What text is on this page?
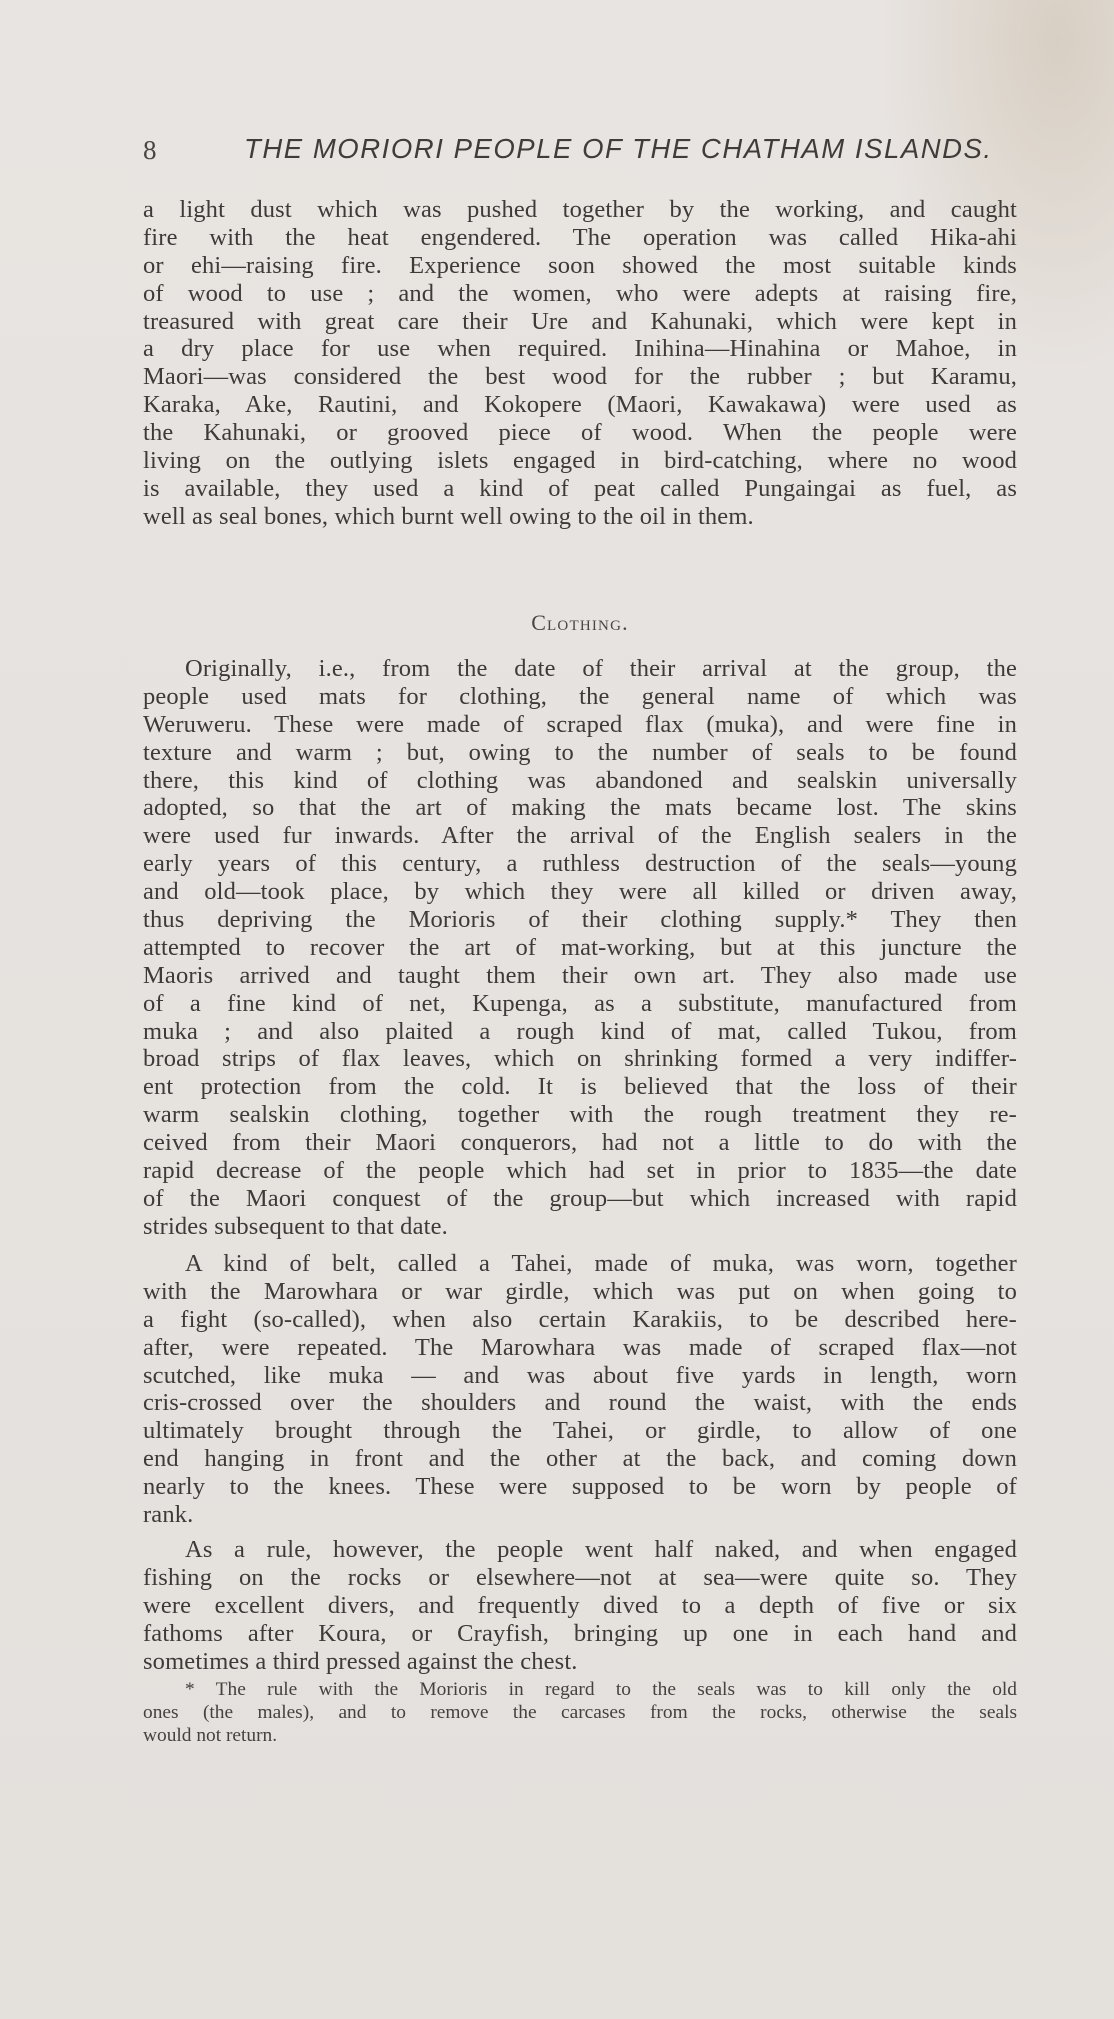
8	THE MORIORI PEOPLE OF THE CHATHAM ISLANDS.

a light dust which was pushed together by the working, and caught
fire with the heat engendered. The operation was called Hika-ahi
or ehi—raising fire. Experience soon showed the most suitable kinds
of wood to use ; and the women, who were adepts at raising fire,
treasured with great care their Ure and Kahunaki, which were kept in
a dry place for use when required. Inihina—Hinahina or Mahoe, in
Maori—was considered the best wood for the rubber ; but Karamu,
Karaka, Ake, Rautini, and Kokopere (Maori, Kawakawa) were used as
the Kahunaki, or grooved piece of wood. When the people were
living on the outlying islets engaged in bird-catching, where no wood
is available, they used a kind of peat called Pungaingai as fuel, as
well as seal bones, which burnt well owing to the oil in them.

Clothing.

Originally, i.e., from the date of their arrival at the group, the
people used mats for clothing, the general name of which was
Weruweru. These were made of scraped flax (muka), and were fine in
texture and warm ; but, owing to the number of seals to be found
there, this kind of clothing was abandoned and sealskin universally
adopted, so that the art of making the mats became lost. The skins
were used fur inwards. After the arrival of the English sealers in the
early years of this century, a ruthless destruction of the seals—young
and old—took place, by which they were all killed or driven away,
thus depriving the Morioris of their clothing supply.* They then
attempted to recover the art of mat-working, but at this juncture the
Maoris arrived and taught them their own art. They also made use
of a fine kind of net, Kupenga, as a substitute, manufactured from
muka ; and also plaited a rough kind of mat, called Tukou, from
broad strips of flax leaves, which on shrinking formed a very indiffer-
ent protection from the cold. It is believed that the loss of their
warm sealskin clothing, together with the rough treatment they re-
ceived from their Maori conquerors, had not a little to do with the
rapid decrease of the people which had set in prior to 1835—the date
of the Maori conquest of the group—but which increased with rapid
strides subsequent to that date.

A kind of belt, called a Tahei, made of muka, was worn, together
with the Marowhara or war girdle, which was put on when going to
a fight (so-called), when also certain Karakiis, to be described here-
after, were repeated. The Marowhara was made of scraped flax—not
scutched, like muka — and was about five yards in length, worn
cris-crossed over the shoulders and round the waist, with the ends
ultimately brought through the Tahei, or girdle, to allow of one
end hanging in front and the other at the back, and coming down
nearly to the knees. These were supposed to be worn by people of
rank.

As a rule, however, the people went half naked, and when engaged
fishing on the rocks or elsewhere—not at sea—were quite so. They
were excellent divers, and frequently dived to a depth of five or six
fathoms after Koura, or Crayfish, bringing up one in each hand and
sometimes a third pressed against the chest.

* The rule with the Morioris in regard to the seals was to kill only the old
ones (the males), and to remove the carcases from the rocks, otherwise the seals
would not return.
